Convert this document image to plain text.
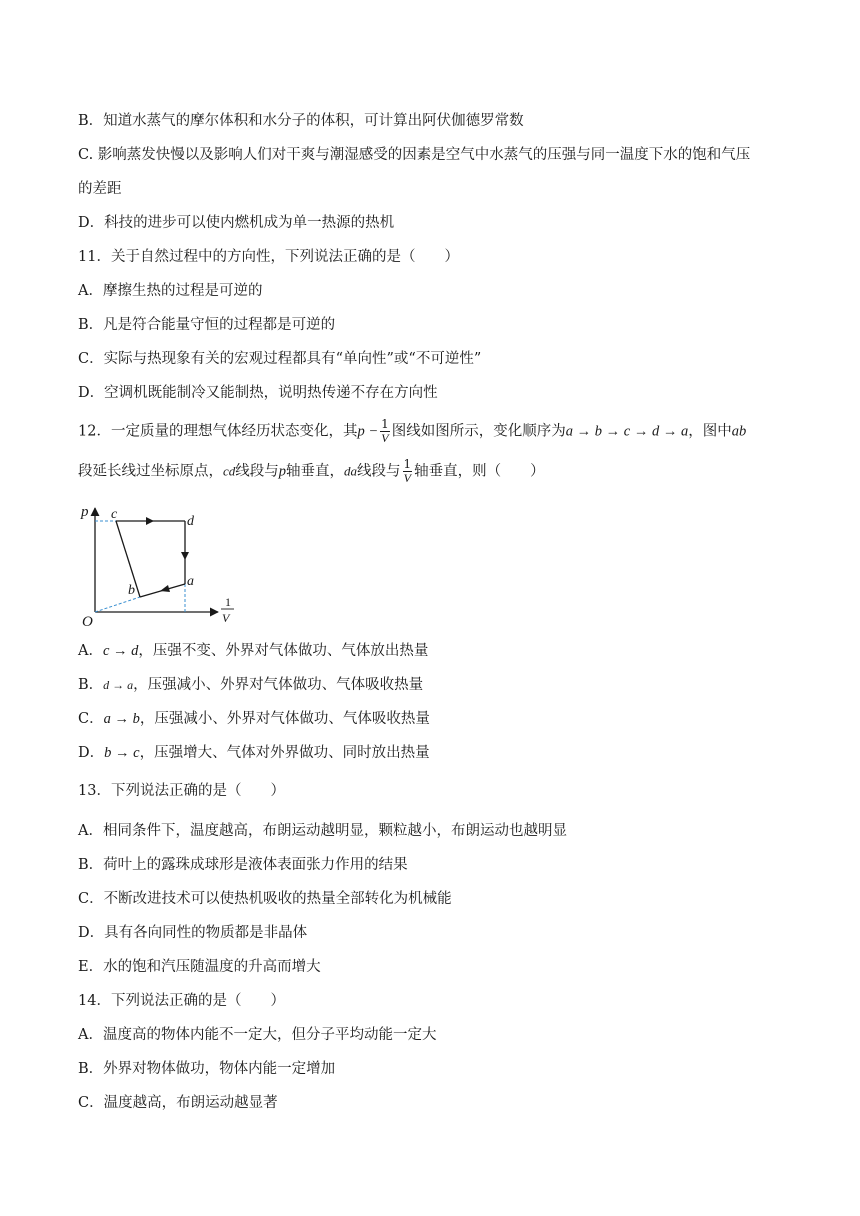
B．知道水蒸气的摩尔体积和水分子的体积，可计算出阿伏伽德罗常数
C. 影响蒸发快慢以及影响人们对干爽与潮湿感受的因素是空气中水蒸气的压强与同一温度下水的饱和气压
的差距
D．科技的进步可以使内燃机成为单一热源的热机
11．关于自然过程中的方向性，下列说法正确的是（　　）
A．摩擦生热的过程是可逆的
B．凡是符合能量守恒的过程都是可逆的
C．实际与热现象有关的宏观过程都具有“单向性”或“不可逆性”
D．空调机既能制冷又能制热，说明热传递不存在方向性
12．一定质量的理想气体经历状态变化，其$p - \frac{1}{V}$ 图线如图所示，变化顺序为a → b → c → d → a，图中ab
段延长线过坐标原点，cd线段与p轴垂直，da线段与 $\frac{1}{V}$ 轴垂直，则（　　）
p
O
c	d
a
b
1
V
A．c → d，压强不变、外界对气体做功、气体放出热量
B．d → a，压强减小、外界对气体做功、气体吸收热量
C．a → b，压强减小、外界对气体做功、气体吸收热量
D．b → c，压强增大、气体对外界做功、同时放出热量
13．下列说法正确的是（　　）
A．相同条件下，温度越高，布朗运动越明显，颗粒越小，布朗运动也越明显
B．荷叶上的露珠成球形是液体表面张力作用的结果
C．不断改进技术可以使热机吸收的热量全部转化为机械能
D．具有各向同性的物质都是非晶体
E．水的饱和汽压随温度的升高而增大
14．下列说法正确的是（　　）
A．温度高的物体内能不一定大，但分子平均动能一定大
B．外界对物体做功，物体内能一定增加
C．温度越高，布朗运动越显著
